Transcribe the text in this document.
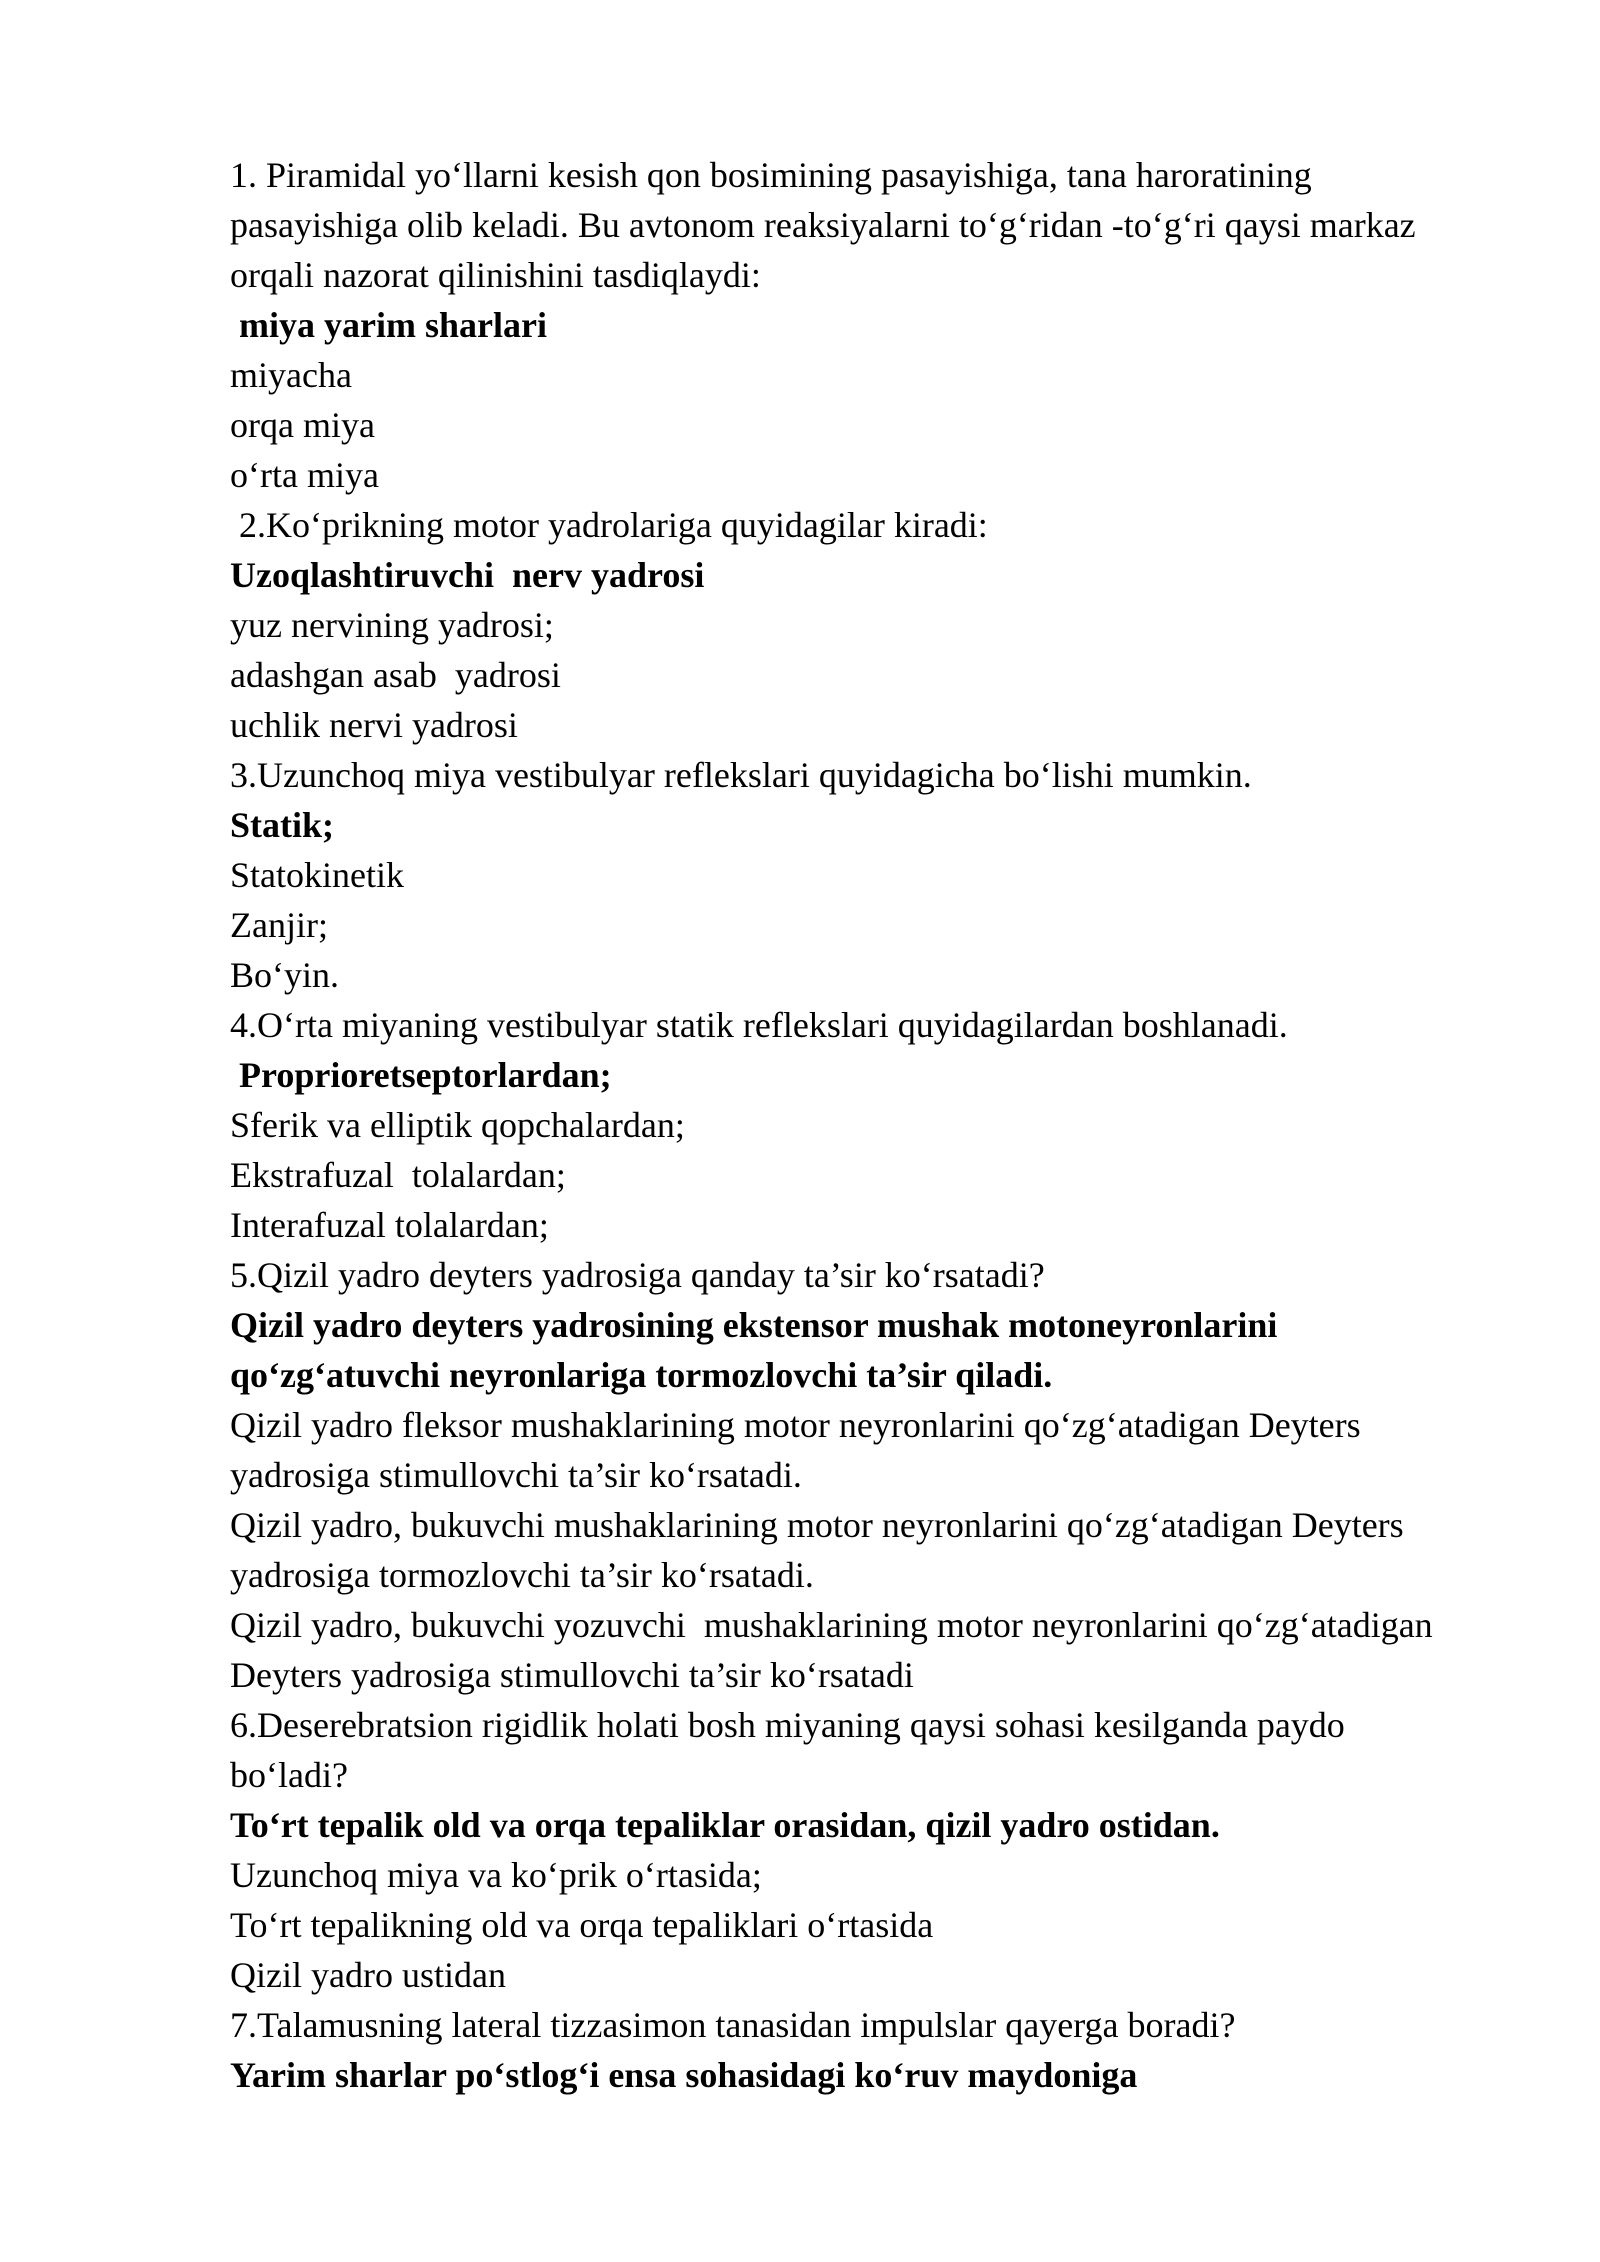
1. Piramidal yo‘llarni kesish qon bosimining pasayishiga, tana haroratining

pasayishiga olib keladi. Bu avtonom reaksiyalarni to‘g‘ridan -to‘g‘ri qaysi markaz

orqali nazorat qilinishini tasdiqlaydi:

miya yarim sharlari

miyacha

orqa miya

o‘rta miya

2.Ko‘prikning motor yadrolariga quyidagilar kiradi:

Uzoqlashtiruvchi  nerv yadrosi

yuz nervining yadrosi;

adashgan asab  yadrosi

uchlik nervi yadrosi

3.Uzunchoq miya vestibulyar reflekslari quyidagicha bo‘lishi mumkin.

Statik;

Statokinetik

Zanjir;

Bo‘yin.

4.O‘rta miyaning vestibulyar statik reflekslari quyidagilardan boshlanadi.

Proprioretseptorlardan;

Sferik va elliptik qopchalardan;

Ekstrafuzal  tolalardan;

Interafuzal tolalardan;

5.Qizil yadro deyters yadrosiga qanday ta’sir ko‘rsatadi?

Qizil yadro deyters yadrosining ekstensor mushak motoneyronlarini

qo‘zg‘atuvchi neyronlariga tormozlovchi ta’sir qiladi.

Qizil yadro fleksor mushaklarining motor neyronlarini qo‘zg‘atadigan Deyters

yadrosiga stimullovchi ta’sir ko‘rsatadi.

Qizil yadro, bukuvchi mushaklarining motor neyronlarini qo‘zg‘atadigan Deyters

yadrosiga tormozlovchi ta’sir ko‘rsatadi.

Qizil yadro, bukuvchi yozuvchi  mushaklarining motor neyronlarini qo‘zg‘atadigan

Deyters yadrosiga stimullovchi ta’sir ko‘rsatadi

6.Deserebratsion rigidlik holati bosh miyaning qaysi sohasi kesilganda paydo

bo‘ladi?

To‘rt tepalik old va orqa tepaliklar orasidan, qizil yadro ostidan.

Uzunchoq miya va ko‘prik o‘rtasida;

To‘rt tepalikning old va orqa tepaliklari o‘rtasida

Qizil yadro ustidan

7.Talamusning lateral tizzasimon tanasidan impulslar qayerga boradi?

Yarim sharlar po‘stlog‘i ensa sohasidagi ko‘ruv maydoniga
